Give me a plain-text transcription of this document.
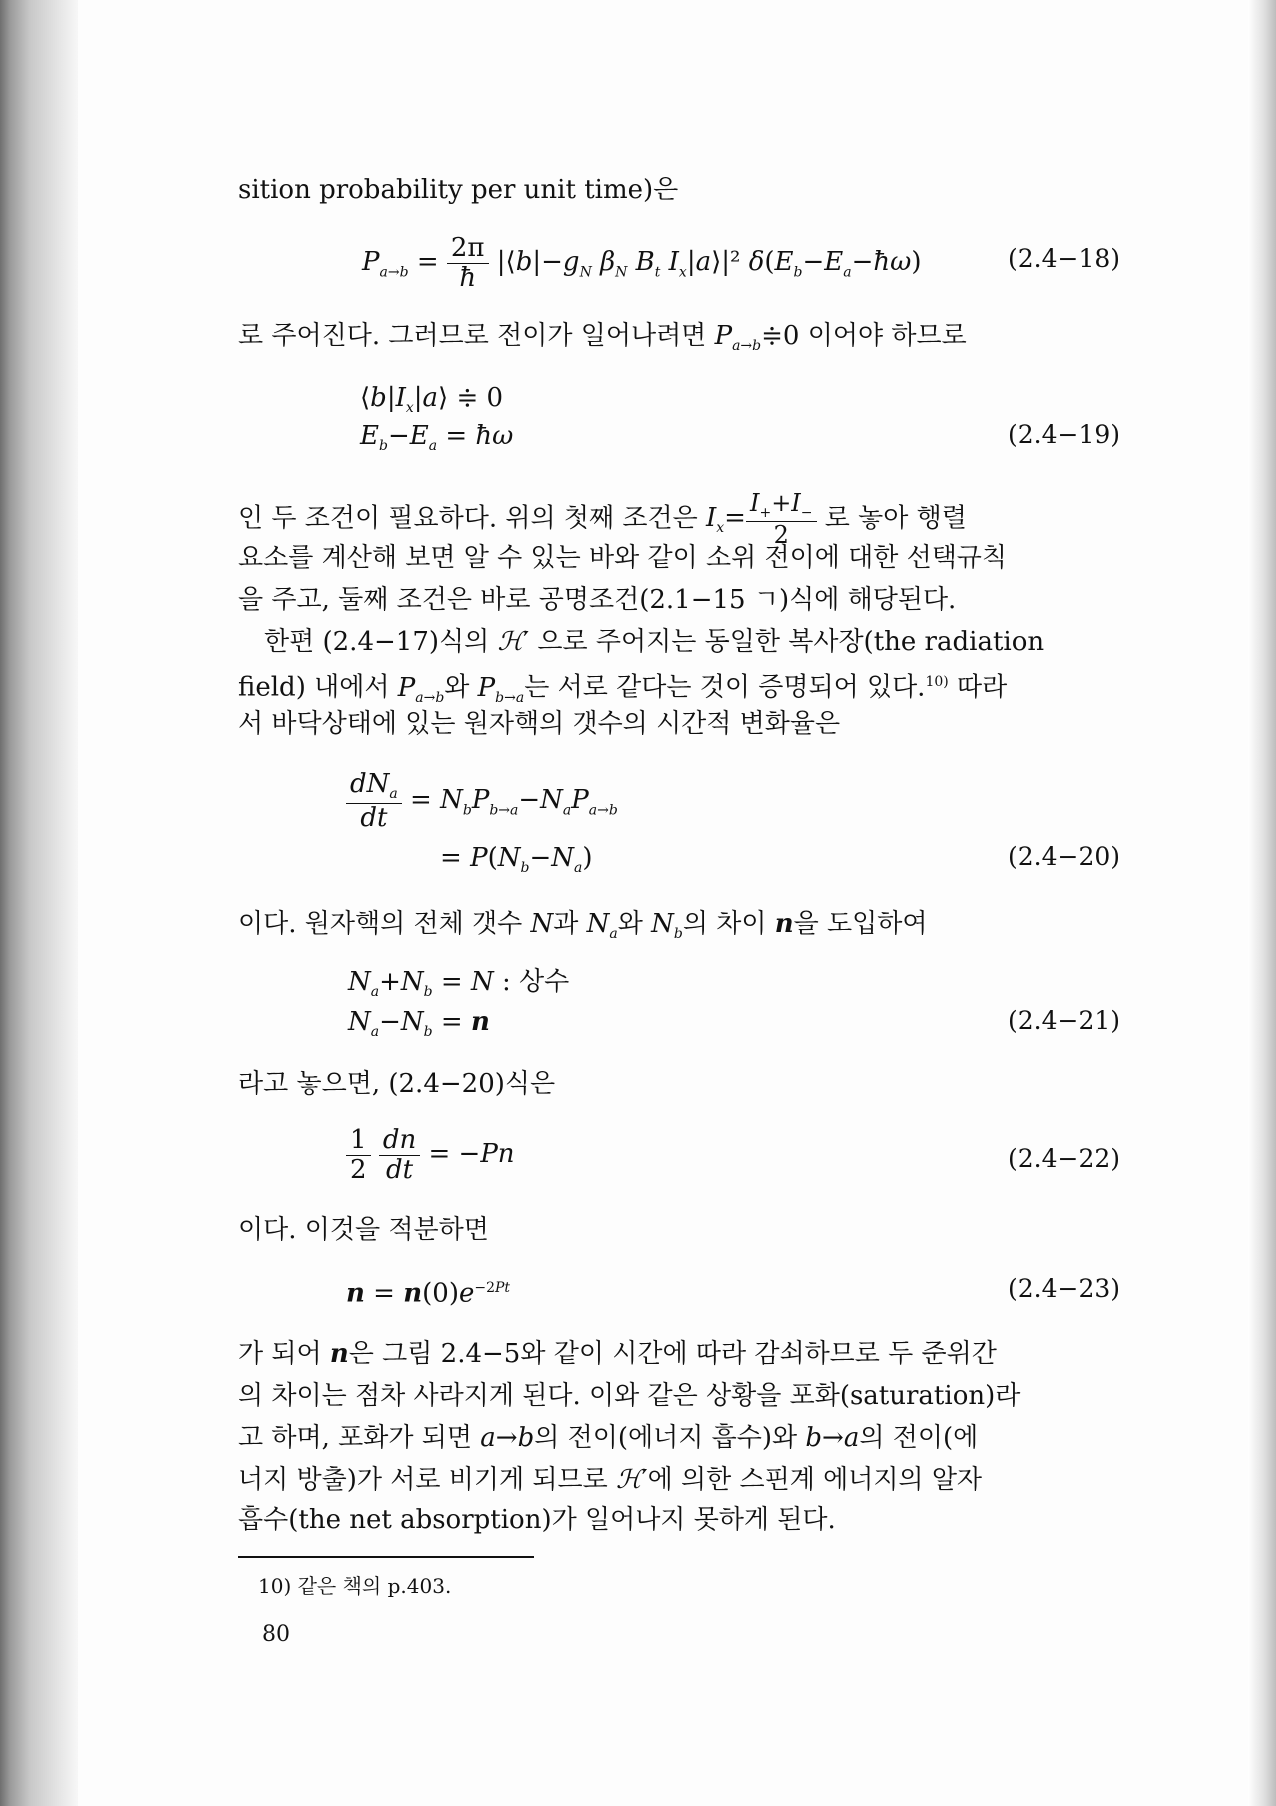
sition probability per unit time)은
$P_{a\to b} = \frac{2\pi}{ħ}$ $|⟨b|-g_N$ $\beta_N$ $B_t$ $I_x|a⟩|^2$ $\delta(E_b-E_a-ħ\omega)$	(2.4−18)
로 주어진다. 그러므로 전이가 일어나려면 $P_{a\to b}≑0$ 이어야 하므로
$⟨b|I_x|a⟩$ ≑ 0
$E_b-E_a$ = ħω	(2.4−19)
인 두 조건이 필요하다. 위의 첫째 조건은 $I_x= \frac{I_++I_-}{2}$ 로 놓아 행렬
요소를 계산해 보면 알 수 있는 바와 같이 소위 전이에 대한 선택규칙
을 주고, 둘째 조건은 바로 공명조건(2.1−15 ㄱ)식에 해당된다.
한편 (2.4−17)식의 ℋ′ 으로 주어지는 동일한 복사장(the radiation
field) 내에서 $P_{a\to b}$와 $P_{b\to a}$는 서로 같다는 것이 증명되어 있다.$^{10)}$ 따라
서 바닥상태에 있는 원자핵의 갯수의 시간적 변화율은
$\frac{dN_a}{dt} = N_bP_{b\to a}-N_aP_{a\to b}$
= $P(N_b-N_a)$	(2.4−20)
이다. 원자핵의 전체 갯수 N과 $N_a$와 $N_b$의 차이 n을 도입하여
$N_a+N_b = N$ : 상수
$N_a-N_b = n$	(2.4−21)
라고 놓으면, (2.4−20)식은
$\frac{1}{2}$
$\frac{dn}{dt} = -Pn$	(2.4−22)
이다. 이것을 적분하면
$n = n(0)e^{-2Pt}$	(2.4−23)
가 되어 n은 그림 2.4−5와 같이 시간에 따라 감쇠하므로 두 준위간
의 차이는 점차 사라지게 된다. 이와 같은 상황을 포화(saturation)라
고 하며, 포화가 되면 a→b의 전이(에너지 흡수)와 b→a의 전이(에
너지 방출)가 서로 비기게 되므로 ℋ′에 의한 스핀계 에너지의 알자
흡수(the net absorption)가 일어나지 못하게 된다.
10) 같은 책의 p.403.
80
